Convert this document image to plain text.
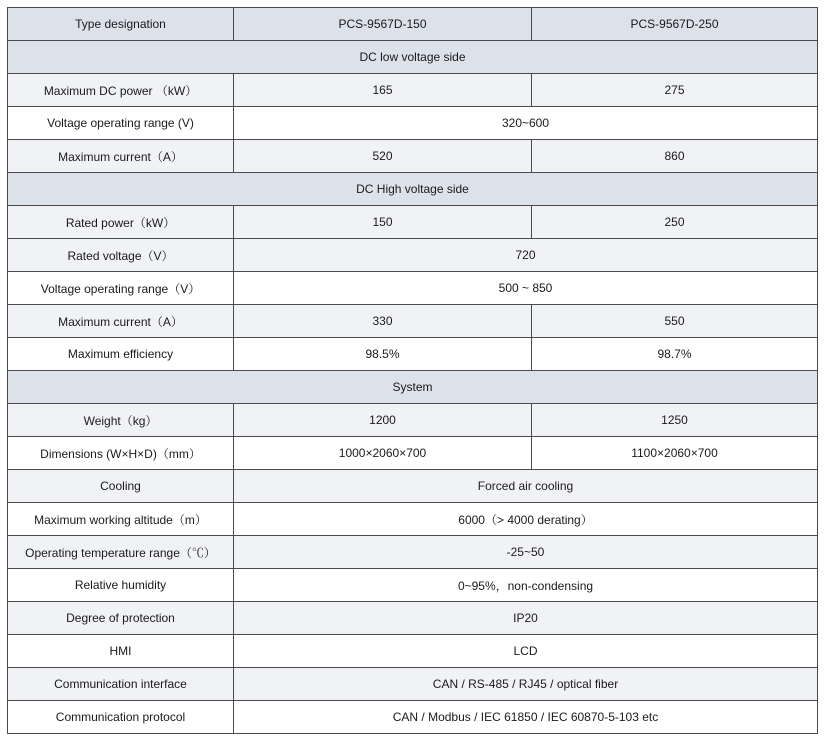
Type designation	PCS-9567D-150	PCS-9567D-250
DC low voltage side		
Maximum DC power （kW）	165	275
Voltage operating range (V)	320~600	
Maximum current（A）	520	860
DC High voltage side		
Rated power（kW）	150	250
Rated voltage（V）	720	
Voltage operating range（V）	500 ~ 850	
Maximum current（A）	330	550
Maximum efficiency	98.5%	98.7%
System		
Weight（kg）	1200	1250
Dimensions (W×H×D)（mm）	1000×2060×700	1100×2060×700
Cooling	Forced air cooling	
Maximum working altitude（m）	6000（> 4000 derating）	
Operating temperature range（℃）	-25~50	
Relative humidity	0~95%，non-condensing	
Degree of protection	IP20	
HMI	LCD	
Communication interface	CAN / RS-485 / RJ45 / optical fiber	
Communication protocol	CAN / Modbus / IEC 61850 / IEC 60870-5-103 etc	
